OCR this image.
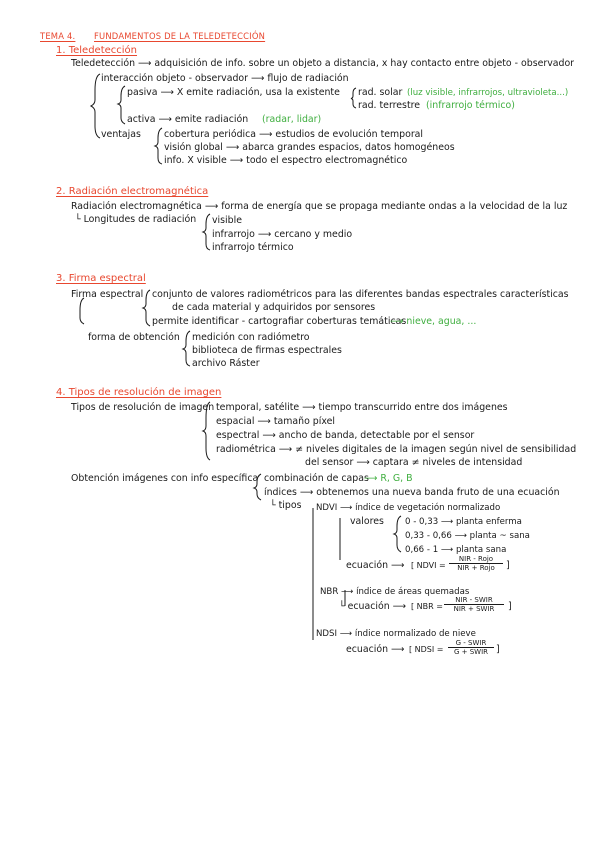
TEMA 4. FUNDAMENTOS DE LA TELEDETECCIÓN
1. Teledetección
Teledetección ⟶ adquisición de info. sobre un objeto a distancia, x hay contacto entre objeto - observador
interacción objeto - observador ⟶ flujo de radiación
pasiva ⟶ X emite radiación, usa la existente rad. solar (luz visible, infrarrojos, ultravioleta...)
rad. terrestre (infrarrojo térmico)
activa ⟶ emite radiación (radar, lidar)
ventajas cobertura periódica ⟶ estudios de evolución temporal
visión global ⟶ abarca grandes espacios, datos homogéneos
info. X visible ⟶ todo el espectro electromagnético
2. Radiación electromagnética
Radiación electromagnética ⟶ forma de energía que se propaga mediante ondas a la velocidad de la luz
└ Longitudes de radiación visible
infrarrojo ⟶ cercano y medio
infrarrojo térmico
3. Firma espectral
Firma espectral conjunto de valores radiométricos para las diferentes bandas espectrales características
de cada material y adquiridos por sensores
permite identificar - cartografiar coberturas temáticas
⟶ nieve, agua, ...
forma de obtención medición con radiómetro
biblioteca de firmas espectrales
archivo Ráster
4. Tipos de resolución de imagen
Tipos de resolución de imagen temporal, satélite ⟶ tiempo transcurrido entre dos imágenes
espacial ⟶ tamaño píxel
espectral ⟶ ancho de banda, detectable por el sensor
radiométrica ⟶ ≠ niveles digitales de la imagen según nivel de sensibilidad
del sensor ⟶ captara ≠ niveles de intensidad
Obtención imágenes con info específica combinación de capas
⟶ R, G, B
índices ⟶ obtenemos una nueva banda fruto de una ecuación
└ tipos NDVI ⟶ índice de vegetación normalizado
valores 0 - 0,33 ⟶ planta enferma
0,33 - 0,66 ⟶ planta ~ sana
0,66 - 1 ⟶ planta sana
ecuación ⟶ [ NDVI =
NIR - Rojo
NIR + Rojo	]
NBR ⟶ índice de áreas quemadas
└ ecuación ⟶ [ NBR =
NIR - SWIR
NIR + SWIR	]
NDSI ⟶ índice normalizado de nieve
ecuación ⟶ [ NDSI =
G - SWIR
G + SWIR ]
